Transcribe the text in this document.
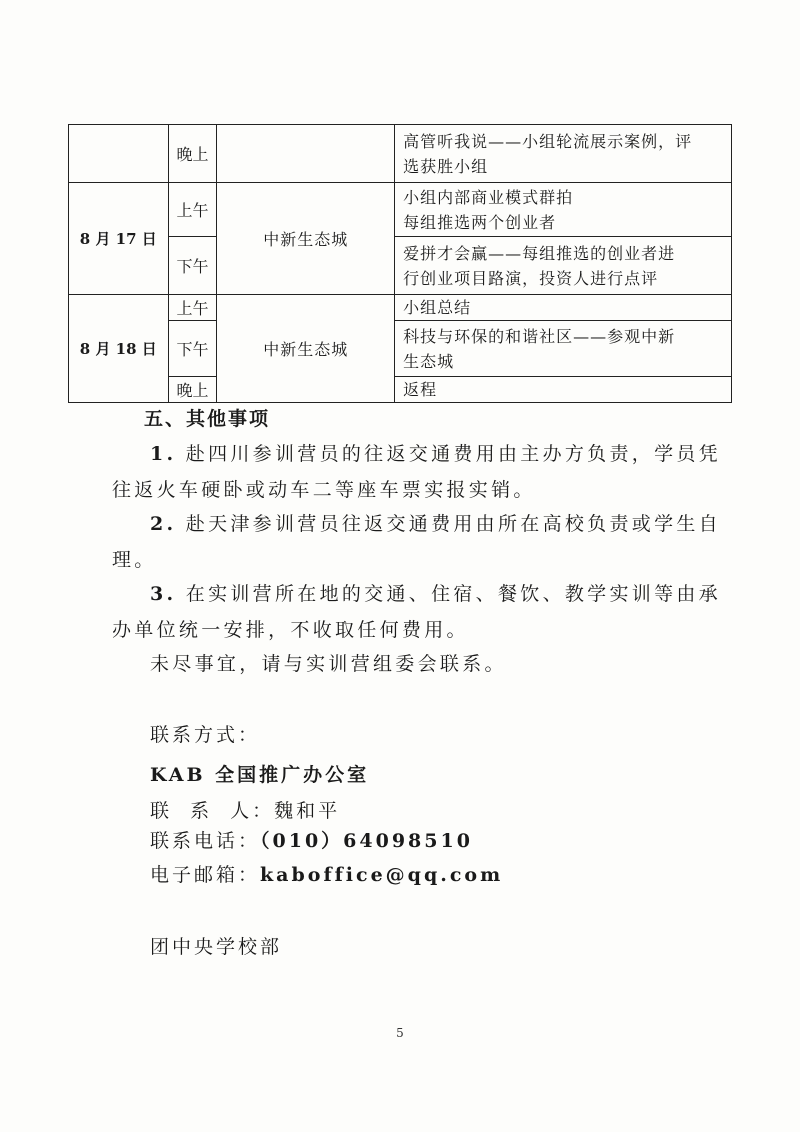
	晚上		高管听我说——小组轮流展示案例，评
选获胜小组

8 月 17 日	上午	中新生态城	小组内部商业模式群拍
每组推选两个创业者

	下午		爱拼才会赢——每组推选的创业者进
行创业项目路演，投资人进行点评

8 月 18 日	上午	中新生态城	小组总结

	下午		科技与环保的和谐社区——参观中新
生态城

	晚上		返程
五、其他事项
1. 赴四川参训营员的往返交通费用由主办方负责，学员凭
往返火车硬卧或动车二等座车票实报实销。
2. 赴天津参训营员往返交通费用由所在高校负责或学生自
理。
3. 在实训营所在地的交通、住宿、餐饮、教学实训等由承
办单位统一安排，不收取任何费用。
未尽事宜，请与实训营组委会联系。
联系方式：
KAB 全国推广办公室
联  系  人：魏和平
联系电话：（010）64098510
电子邮箱：kaboffice@qq.com
团中央学校部
5
